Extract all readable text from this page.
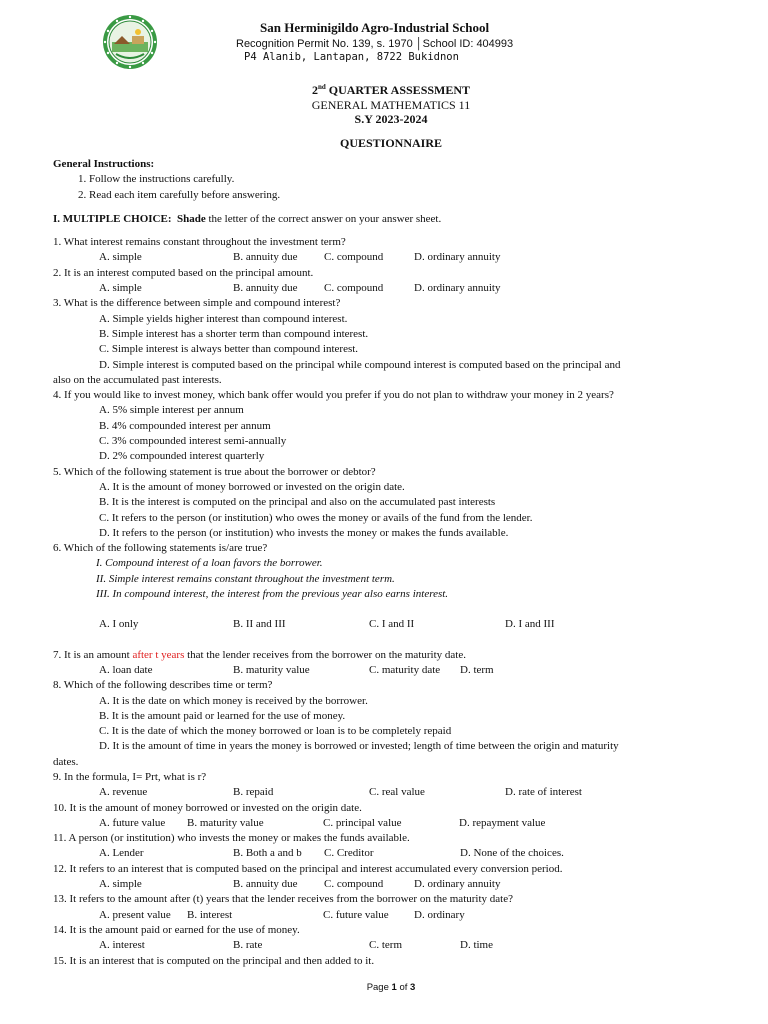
San Herminigildo Agro-Industrial School
Recognition Permit No. 139, s. 1970 │School ID: 404993
P4 Alanib, Lantapan, 8722 Bukidnon
2nd QUARTER ASSESSMENT
GENERAL MATHEMATICS 11
S.Y 2023-2024
QUESTIONNAIRE
General Instructions:
1. Follow the instructions carefully.
2. Read each item carefully before answering.
I. MULTIPLE CHOICE: Shade the letter of the correct answer on your answer sheet.
1. What interest remains constant throughout the investment term?
A. simple	B. annuity due	C. compound	D. ordinary annuity
2. It is an interest computed based on the principal amount.
A. simple	B. annuity due	C. compound	D. ordinary annuity
3. What is the difference between simple and compound interest?
A. Simple yields higher interest than compound interest.
B. Simple interest has a shorter term than compound interest.
C. Simple interest is always better than compound interest.
D. Simple interest is computed based on the principal while compound interest is computed based on the principal and
also on the accumulated past interests.
4. If you would like to invest money, which bank offer would you prefer if you do not plan to withdraw your money in 2 years?
A. 5% simple interest per annum
B. 4% compounded interest per annum
C. 3% compounded interest semi-annually
D. 2% compounded interest quarterly
5. Which of the following statement is true about the borrower or debtor?
A. It is the amount of money borrowed or invested on the origin date.
B. It is the interest is computed on the principal and also on the accumulated past interests
C. It refers to the person (or institution) who owes the money or avails of the fund from the lender.
D. It refers to the person (or institution) who invests the money or makes the funds available.
6. Which of the following statements is/are true?
I. Compound interest of a loan favors the borrower.
II. Simple interest remains constant throughout the investment term.
III. In compound interest, the interest from the previous year also earns interest.
A. I only	B. II and III	C. I and II	D. I and III
7. It is an amount after t years that the lender receives from the borrower on the maturity date.
A. loan date	B. maturity value	C. maturity date	D. term
8. Which of the following describes time or term?
A. It is the date on which money is received by the borrower.
B. It is the amount paid or learned for the use of money.
C. It is the date of which the money borrowed or loan is to be completely repaid
D. It is the amount of time in years the money is borrowed or invested; length of time between the origin and maturity
dates.
9. In the formula, I= Prt, what is r?
A. revenue	B. repaid	C. real value	D. rate of interest
10. It is the amount of money borrowed or invested on the origin date.
A. future value	B. maturity value	C. principal value	D. repayment value
11. A person (or institution) who invests the money or makes the funds available.
A. Lender	B. Both a and b	C. Creditor	D. None of the choices.
12. It refers to an interest that is computed based on the principal and interest accumulated every conversion period.
A. simple	B. annuity due	C. compound	D. ordinary annuity
13. It refers to the amount after (t) years that the lender receives from the borrower on the maturity date?
A. present value	B. interest	C. future value	D. ordinary
14. It is the amount paid or earned for the use of money.
A. interest	B. rate	C. term	D. time
15. It is an interest that is computed on the principal and then added to it.
Page 1 of 3
